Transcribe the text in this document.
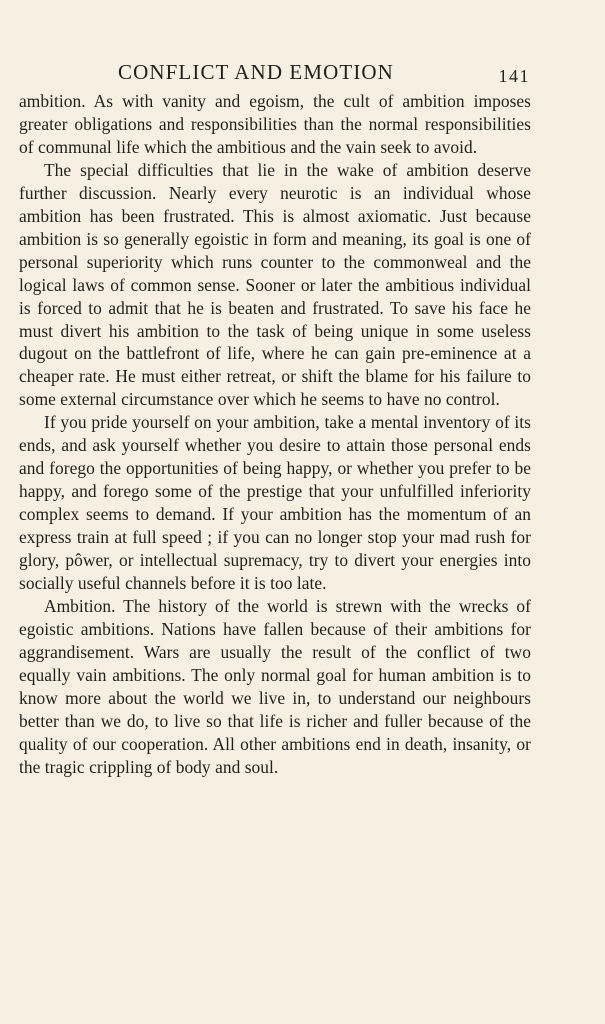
CONFLICT AND EMOTION	141

ambition. As with vanity and egoism, the cult of ambition imposes greater obligations and responsibilities than the normal responsibilities of communal life which the ambitious and the vain seek to avoid.

The special difficulties that lie in the wake of ambition deserve further discussion. Nearly every neurotic is an individual whose ambition has been frustrated. This is almost axiomatic. Just because ambition is so generally egoistic in form and meaning, its goal is one of personal superiority which runs counter to the commonweal and the logical laws of common sense. Sooner or later the ambitious individual is forced to admit that he is beaten and frustrated. To save his face he must divert his ambition to the task of being unique in some useless dugout on the battlefront of life, where he can gain pre-eminence at a cheaper rate. He must either retreat, or shift the blame for his failure to some external circumstance over which he seems to have no control.

If you pride yourself on your ambition, take a mental inventory of its ends, and ask yourself whether you desire to attain those personal ends and forego the opportunities of being happy, or whether you prefer to be happy, and forego some of the prestige that your unfulfilled inferiority complex seems to demand. If your ambition has the momentum of an express train at full speed ; if you can no longer stop your mad rush for glory, pôwer, or intellectual supremacy, try to divert your energies into socially useful channels before it is too late.

Ambition. The history of the world is strewn with the wrecks of egoistic ambitions. Nations have fallen because of their ambitions for aggrandisement. Wars are usually the result of the conflict of two equally vain ambitions. The only normal goal for human ambition is to know more about the world we live in, to understand our neighbours better than we do, to live so that life is richer and fuller because of the quality of our cooperation. All other ambitions end in death, insanity, or the tragic crippling of body and soul.
